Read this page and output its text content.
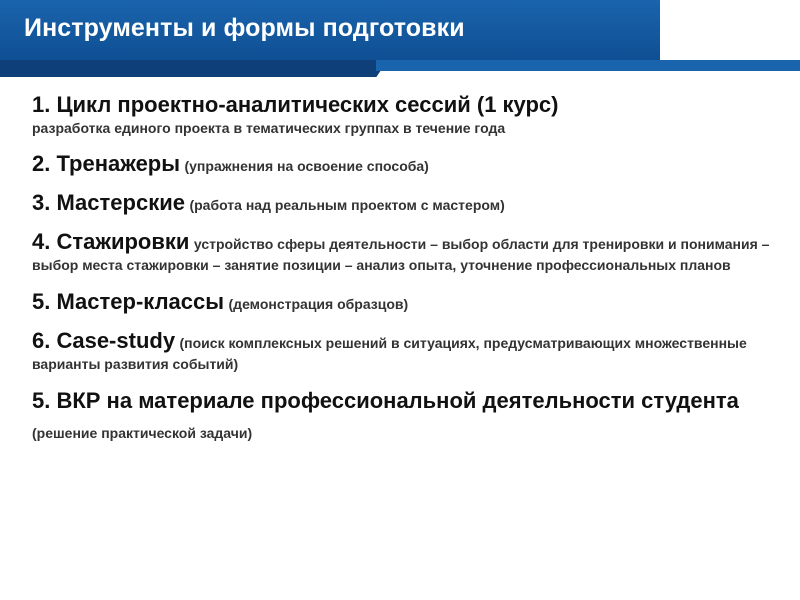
Инструменты и формы подготовки
1. Цикл проектно-аналитических сессий (1 курс)
разработка единого проекта в тематических группах в течение года
2. Тренажеры (упражнения на освоение способа)
3. Мастерские (работа над реальным проектом с мастером)
4. Стажировки устройство сферы деятельности – выбор области для тренировки и понимания – выбор места стажировки – занятие позиции – анализ опыта, уточнение профессиональных планов
5. Мастер-классы (демонстрация образцов)
6. Case-study (поиск комплексных решений в ситуациях, предусматривающих множественные варианты развития событий)
5. ВКР на материале профессиональной деятельности студента (решение практической задачи)
